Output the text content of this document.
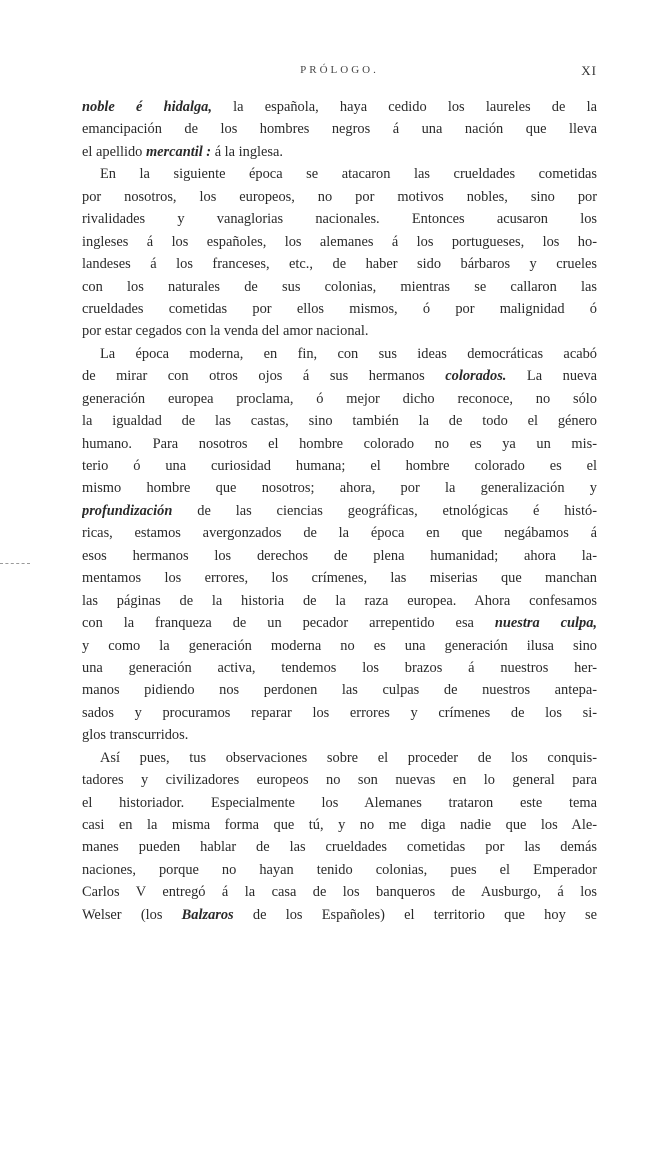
PRÓLOGO.	XI
noble é hidalga, la española, haya cedido los laureles de la
emancipación de los hombres negros á una nación que lleva
el apellido mercantil : á la inglesa.
En la siguiente época se atacaron las crueldades cometidas
por nosotros, los europeos, no por motivos nobles, sino por
rivalidades y vanaglorias nacionales. Entonces acusaron los
ingleses á los españoles, los alemanes á los portugueses, los ho-
landeses á los franceses, etc., de haber sido bárbaros y crueles
con los naturales de sus colonias, mientras se callaron las
crueldades cometidas por ellos mismos, ó por malignidad ó
por estar cegados con la venda del amor nacional.
La época moderna, en fin, con sus ideas democráticas acabó
de mirar con otros ojos á sus hermanos colorados. La nueva
generación europea proclama, ó mejor dicho reconoce, no sólo
la igualdad de las castas, sino también la de todo el género
humano. Para nosotros el hombre colorado no es ya un mis-
terio ó una curiosidad humana; el hombre colorado es el
mismo hombre que nosotros; ahora, por la generalización y
profundización de las ciencias geográficas, etnológicas é histó-
ricas, estamos avergonzados de la época en que negábamos á
esos hermanos los derechos de plena humanidad; ahora la-
mentamos los errores, los crímenes, las miserias que manchan
las páginas de la historia de la raza europea. Ahora confesamos
con la franqueza de un pecador arrepentido esa nuestra culpa,
y como la generación moderna no es una generación ilusa sino
una generación activa, tendemos los brazos á nuestros her-
manos pidiendo nos perdonen las culpas de nuestros antepa-
sados y procuramos reparar los errores y crímenes de los si-
glos transcurridos.
Así pues, tus observaciones sobre el proceder de los conquis-
tadores y civilizadores europeos no son nuevas en lo general para
el historiador. Especialmente los Alemanes trataron este tema
casi en la misma forma que tú, y no me diga nadie que los Ale-
manes pueden hablar de las crueldades cometidas por las demás
naciones, porque no hayan tenido colonias, pues el Emperador
Carlos V entregó á la casa de los banqueros de Ausburgo, á los
Welser (los Balzaros de los Españoles) el territorio que hoy se
